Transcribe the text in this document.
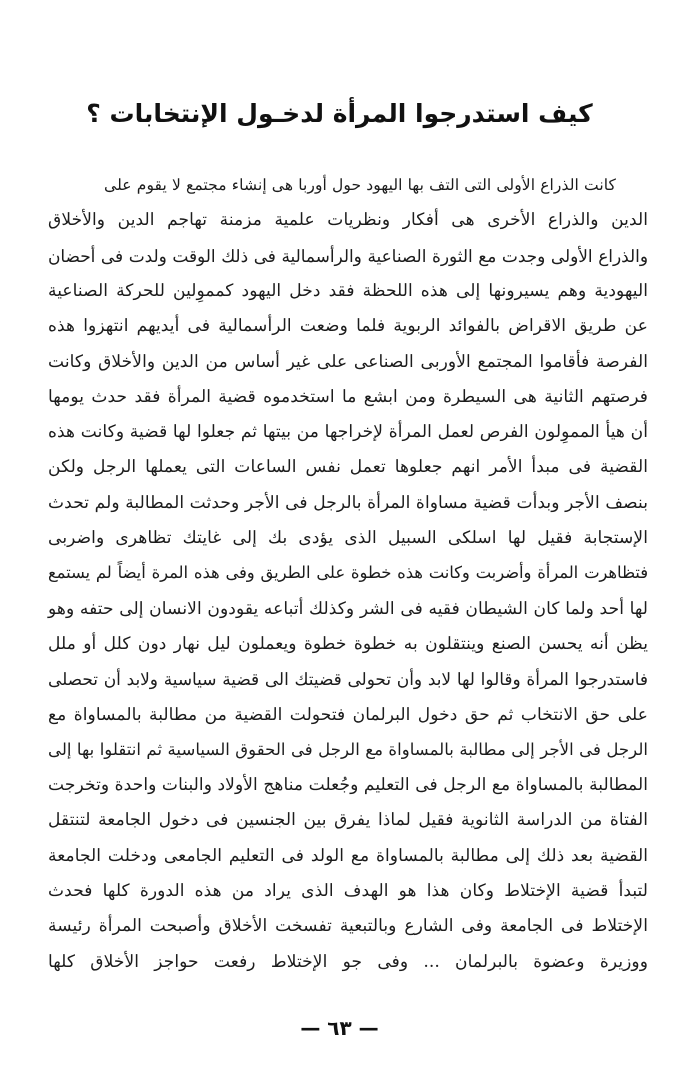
كيف استدرجوا المرأة لدخـول الإنتخابات ؟
كانت الذراع الأولى التى التف بها اليهود حول أوربا هى إنشاء مجتمع لا يقوم على
الدين والذراع الأخرى هى أفكار ونظريات علمية مزمنة تهاجم الدين والأخلاق
والذراع الأولى وجدت مع الثورة الصناعية والرأسمالية فى ذلك الوقت ولدت فى أحضان
اليهودية وهم يسيرونها إلى هذه اللحظة فقد دخل اليهود كمموِلين للحركة الصناعية
عن طريق الاقراض بالفوائد الربوية فلما وضعت الرأسمالية فى أيديهم انتهزوا هذه
الفرصة فأقاموا المجتمع الأوربى الصناعى على غير أساس من الدين والأخلاق وكانت
فرصتهم الثانية هى السيطرة ومن ابشع ما استخدموه قضية المرأة فقد حدث يومها
أن هيأ المموِلون الفرص لعمل المرأة لإخراجها من بيتها ثم جعلوا لها قضية وكانت هذه
القضية فى مبدأ الأمر انهم جعلوها تعمل نفس الساعات التى يعملها الرجل ولكن
بنصف الأجر وبدأت قضية مساواة المرأة بالرجل فى الأجر وحدثت المطالبة ولم تحدث
الإستجابة فقيل لها اسلكى السبيل الذى يؤدى بك إلى غايتك تظاهرى واضربى
فتظاهرت المرأة وأضربت وكانت هذه خطوة على الطريق وفى هذه المرة أيضاً لم يستمع
لها أحد ولما كان الشيطان فقيه فى الشر وكذلك أتباعه يقودون الانسان إلى حتفه وهو
يظن أنه يحسن الصنع وينتقلون به خطوة خطوة ويعملون ليل نهار دون كلل أو ملل
فاستدرجوا المرأة وقالوا لها لابد وأن تحولى قضيتك الى قضية سياسية ولابد أن تحصلى
على حق الانتخاب ثم حق دخول البرلمان فتحولت القضية من مطالبة بالمساواة مع
الرجل فى الأجر إلى مطالبة بالمساواة مع الرجل فى الحقوق السياسية ثم انتقلوا بها إلى
المطالبة بالمساواة مع الرجل فى التعليم وجُعلت مناهج الأولاد والبنات واحدة وتخرجت
الفتاة من الدراسة الثانوية فقيل لماذا يفرق بين الجنسين فى دخول الجامعة لتنتقل
القضية بعد ذلك إلى مطالبة بالمساواة مع الولد فى التعليم الجامعى ودخلت الجامعة
لتبدأ قضية الإختلاط وكان هذا هو الهدف الذى يراد من هذه الدورة كلها فحدث
الإختلاط فى الجامعة وفى الشارع وبالتبعية تفسخت الأخلاق وأصبحت المرأة رئيسة
ووزيرة وعضوة بالبرلمان ... وفى جو الإختلاط رفعت حواجز الأخلاق كلها
— ٦٣ —
